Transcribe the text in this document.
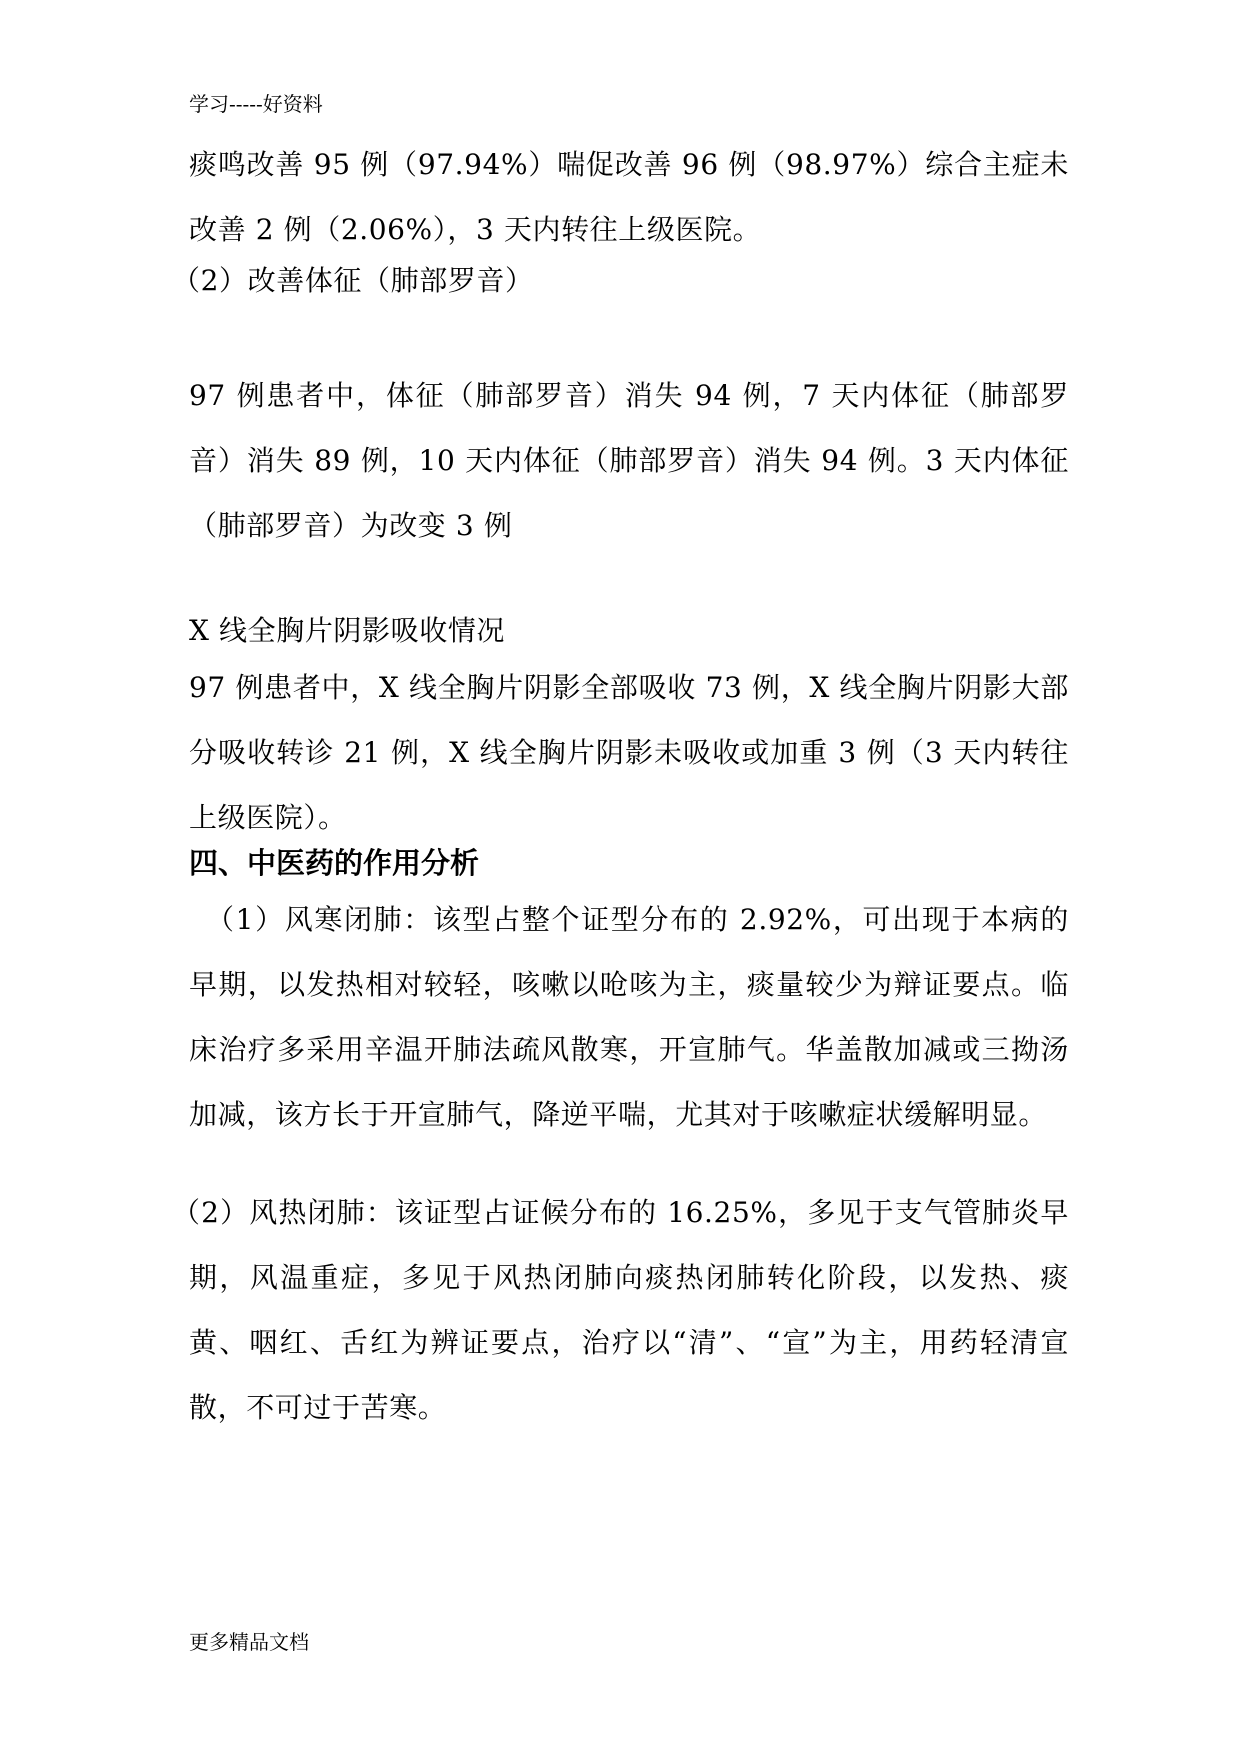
学习-----好资料
痰鸣改善 95 例（97.94%）喘促改善 96 例（98.97%）综合主症未改善 2 例（2.06%），3 天内转往上级医院。
（2）改善体征（肺部罗音）
97 例患者中，体征（肺部罗音）消失 94 例，7 天内体征（肺部罗音）消失 89 例，10 天内体征（肺部罗音）消失 94 例。3 天内体征（肺部罗音）为改变 3 例
X 线全胸片阴影吸收情况
97 例患者中，X 线全胸片阴影全部吸收 73 例，X 线全胸片阴影大部分吸收转诊 21 例，X 线全胸片阴影未吸收或加重 3 例（3 天内转往上级医院）。
四、中医药的作用分析
（1）风寒闭肺：该型占整个证型分布的 2.92%，可出现于本病的早期，以发热相对较轻，咳嗽以呛咳为主，痰量较少为辩证要点。临床治疗多采用辛温开肺法疏风散寒，开宣肺气。华盖散加减或三拗汤加减，该方长于开宣肺气，降逆平喘，尤其对于咳嗽症状缓解明显。
（2）风热闭肺：该证型占证候分布的 16.25%，多见于支气管肺炎早期，风温重症，多见于风热闭肺向痰热闭肺转化阶段，以发热、痰黄、咽红、舌红为辨证要点，治疗以“清”、“宣”为主，用药轻清宣散，不可过于苦寒。
更多精品文档
